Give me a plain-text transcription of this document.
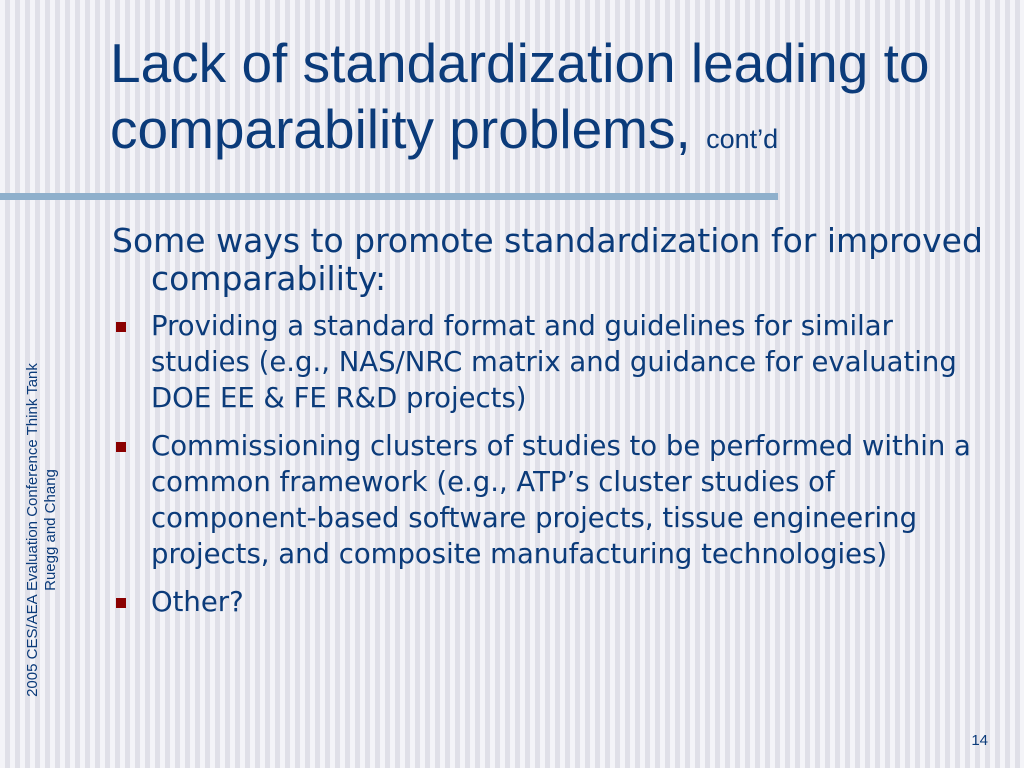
Lack of standardization leading to comparability problems, cont’d

Some ways to promote standardization for improved comparability:

Providing a standard format and guidelines for similar studies (e.g., NAS/NRC matrix and guidance for evaluating DOE EE & FE R&D projects)
Commissioning clusters of studies to be performed within a common framework (e.g., ATP’s cluster studies of component-based software projects, tissue engineering projects, and composite manufacturing technologies)
Other?
2005 CES/AEA Evaluation Conference Think Tank Ruegg and Chang
14
